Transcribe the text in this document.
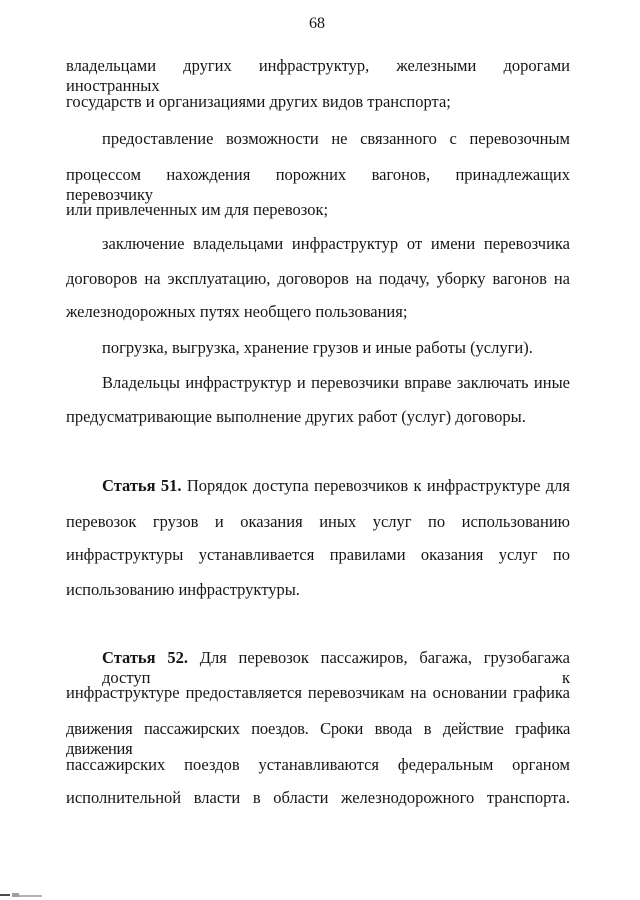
68
владельцами других инфраструктур, железными дорогами иностранных
государств и организациями других видов транспорта;
предоставление возможности не связанного с перевозочным
процессом нахождения порожних вагонов, принадлежащих перевозчику
или привлеченных им для перевозок;
заключение владельцами инфраструктур от имени перевозчика
договоров на эксплуатацию, договоров на подачу, уборку вагонов на
железнодорожных путях необщего пользования;
погрузка, выгрузка, хранение грузов и иные работы (услуги).
Владельцы инфраструктур и перевозчики вправе заключать иные
предусматривающие выполнение других работ (услуг) договоры.
Статья 51. Порядок доступа перевозчиков к инфраструктуре для
перевозок грузов и оказания иных услуг по использованию
инфраструктуры устанавливается правилами оказания услуг по
использованию инфраструктуры.
Статья 52. Для перевозок пассажиров, багажа, грузобагажа доступ к
инфраструктуре предоставляется перевозчикам на основании графика
движения пассажирских поездов. Сроки ввода в действие графика движения
пассажирских поездов устанавливаются федеральным органом
исполнительной власти в области железнодорожного транспорта.
